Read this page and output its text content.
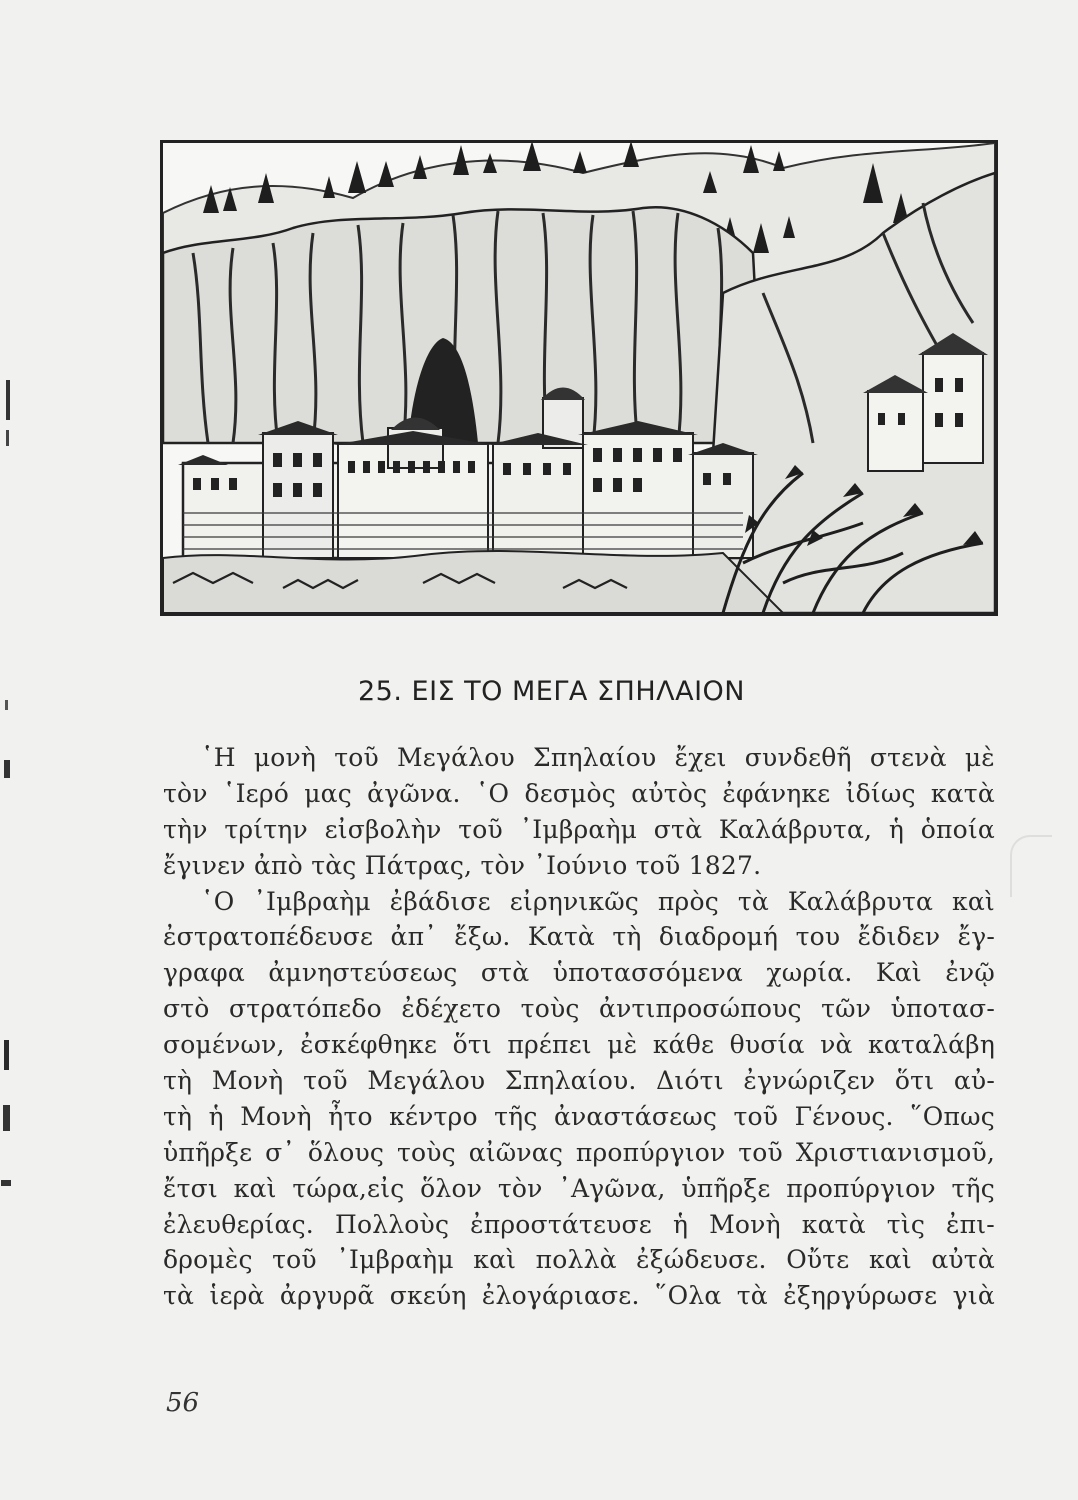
25. ΕΙΣ ΤΟ ΜΕΓΑ ΣΠΗΛΑΙΟΝ
῾Η μονὴ τοῦ Μεγάλου Σπηλαίου ἔχει συνδεθῆ στενὰ μὲ
τὸν ῾Ιερό μας ἀγῶνα. ῾Ο δεσμὸς αὐτὸς ἐφάνηκε ἰδίως κατὰ
τὴν τρίτην εἰσβολὴν τοῦ ᾿Ιμβραὴμ στὰ Καλάβρυτα, ἡ ὁποία
ἔγινεν ἀπὸ τὰς Πάτρας, τὸν ᾿Ιούνιο τοῦ 1827.
῾Ο ᾿Ιμβραὴμ ἐβάδισε εἰρηνικῶς πρὸς τὰ Καλάβρυτα καὶ
ἐστρατοπέδευσε ἀπ᾿ ἔξω. Κατὰ τὴ διαδρομή του ἔδιδεν ἔγ-
γραφα ἀμνηστεύσεως στὰ ὑποτασσόμενα χωρία. Καὶ ἐνῷ
στὸ στρατόπεδο ἐδέχετο τοὺς ἀντιπροσώπους τῶν ὑποτασ-
σομένων, ἐσκέφθηκε ὅτι πρέπει μὲ κάθε θυσία νὰ καταλάβη
τὴ Μονὴ τοῦ Μεγάλου Σπηλαίου. Διότι ἐγνώριζεν ὅτι αὐ-
τὴ ἡ Μονὴ ἦτο κέντρο τῆς ἀναστάσεως τοῦ Γένους. ῞Οπως
ὑπῆρξε σ᾿ ὅλους τοὺς αἰῶνας προπύργιον τοῦ Χριστιανισμοῦ,
ἔτσι καὶ τώρα,εἰς ὅλον τὸν ᾿Αγῶνα, ὑπῆρξε προπύργιον τῆς
ἐλευθερίας. Πολλοὺς ἐπροστάτευσε ἡ Μονὴ κατὰ τὶς ἐπι-
δρομὲς τοῦ ᾿Ιμβραὴμ καὶ πολλὰ ἐξώδευσε. Οὔτε καὶ αὐτὰ
τὰ ἱερὰ ἀργυρᾶ σκεύη ἐλογάριασε. ῞Ολα τὰ ἐξηργύρωσε γιὰ
56
